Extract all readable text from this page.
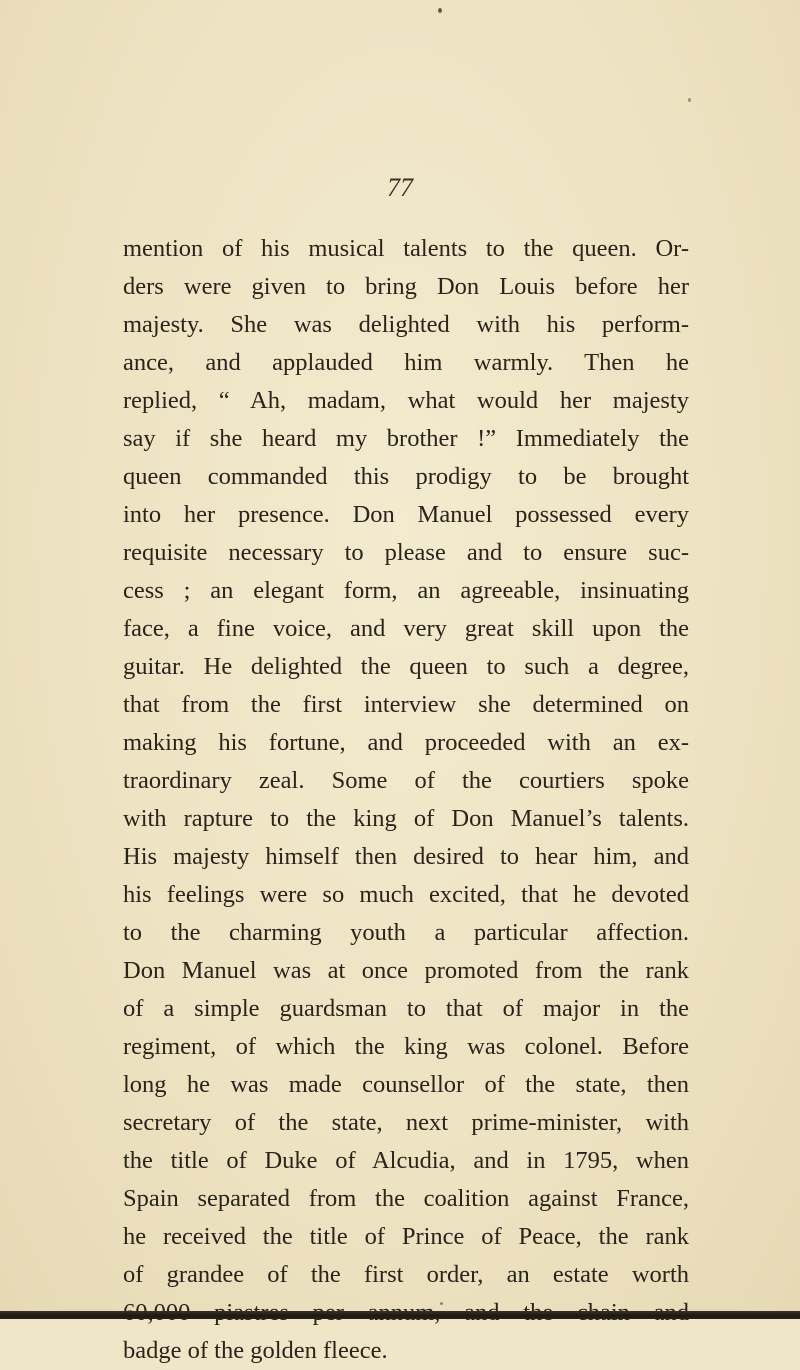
77
mention of his musical talents to the queen. Or-
ders were given to bring Don Louis before her
majesty. She was delighted with his perform-
ance, and applauded him warmly. Then he
replied, “ Ah, madam, what would her majesty
say if she heard my brother !” Immediately the
queen commanded this prodigy to be brought
into her presence. Don Manuel possessed every
requisite necessary to please and to ensure suc-
cess ; an elegant form, an agreeable, insinuating
face, a fine voice, and very great skill upon the
guitar. He delighted the queen to such a degree,
that from the first interview she determined on
making his fortune, and proceeded with an ex-
traordinary zeal. Some of the courtiers spoke
with rapture to the king of Don Manuel’s talents.
His majesty himself then desired to hear him, and
his feelings were so much excited, that he devoted
to the charming youth a particular affection.
Don Manuel was at once promoted from the rank
of a simple guardsman to that of major in the
regiment, of which the king was colonel. Before
long he was made counsellor of the state, then
secretary of the state, next prime-minister, with
the title of Duke of Alcudia, and in 1795, when
Spain separated from the coalition against France,
he received the title of Prince of Peace, the rank
of grandee of the first order, an estate worth
badge of the golden fleece.
